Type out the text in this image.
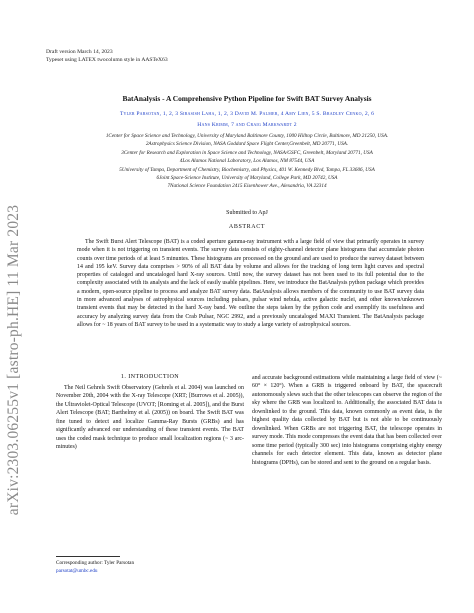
arXiv:2303.06255v1 [astro-ph.HE] 11 Mar 2023
Draft version March 14, 2023
Typeset using LATEX twocolumn style in AASTeX63
BatAnalysis - A Comprehensive Python Pipeline for Swift BAT Survey Analysis
Tyler Parsotan, 1, 2, 3 Sibasish Laha, 1, 2, 3 David M. Palmer, 4 Amy Lien, 5 S. Bradley Cenko, 2, 6
Hans Krimm, 7 and Craig Markwardt 2
1Center for Space Science and Technology, University of Maryland Baltimore County, 1000 Hilltop Circle, Baltimore, MD 21250, USA.
2Astrophysics Science Division, NASA Goddard Space Flight Center,Greenbelt, MD 20771, USA.
3Center for Research and Exploration in Space Science and Technology, NASA/GSFC, Greenbelt, Maryland 20771, USA
4Los Alamos National Laboratory, Los Alamos, NM 87544, USA
5University of Tampa, Department of Chemistry, Biochemistry, and Physics, 401 W. Kennedy Blvd, Tampa, FL 33606, USA
6Joint Space-Science Institute, University of Maryland, College Park, MD 20742, USA
7National Science Foundation 2415 Eisenhower Ave., Alexandria, VA 22314
Submitted to ApJ
ABSTRACT
The Swift Burst Alert Telescope (BAT) is a coded aperture gamma-ray instrument with a large field of view that primarily operates in survey mode when it is not triggering on transient events. The survey data consists of eighty-channel detector plane histograms that accumulate photon counts over time periods of at least 5 minuntes. These histograms are processed on the ground and are used to produce the survey dataset between 14 and 195 keV. Survey data comprises > 90% of all BAT data by volume and allows for the tracking of long term light curves and spectral properties of cataloged and uncataloged hard X-ray sources. Until now, the survey dataset has not been used to its full potential due to the complexity associated with its analysis and the lack of easily usable pipelines. Here, we introduce the BatAnalysis python package which provides a modern, open-source pipeline to process and analyze BAT survey data. BatAnalysis allows members of the community to use BAT survey data in more advanced analyses of astrophysical sources including pulsars, pulsar wind nebula, active galactic nuclei, and other known/unknown transient events that may be detected in the hard X-ray band. We outline the steps taken by the python code and exemplify its usefulness and accuracy by analyzing survey data from the Crab Pulsar, NGC 2992, and a previously uncataloged MAXI Transient. The BatAnalysis package allows for ~ 18 years of BAT survey to be used in a systematic way to study a large variety of astrophysical sources.
1. INTRODUCTION
The Neil Gehrels Swift Observatory (Gehrels et al. 2004) was launched on November 20th, 2004 with the X-ray Telescope (XRT; [Burrows et al. 2005)), the Ultraviolet-Optical Telescope (UVOT; [Roming et al. 2005]), and the Burst Alert Telescope (BAT; Barthelmy et al. (2005)) on board. The Swift BAT was fine tuned to detect and localize Gamma-Ray Bursts (GRBs) and has significantly advanced our understanding of these transient events. The BAT uses the coded mask technique to produce small localization regions (~ 3 arc-minutes)
and accurate background estimations while maintaining a large field of view (~ 60° × 120°). When a GRB is triggered onboard by BAT, the spacecraft autonomously slews such that the other telescopes can observe the region of the sky where the GRB was localized to. Additionally, the associated BAT data is downlinked to the ground. This data, known commonly as event data, is the highest quality data collected by BAT but is not able to be continuously downlinked. When GRBs are not triggering BAT, the telescope operates in survey mode. This mode compresses the event data that has been collected over some time period (typically 300 sec) into histograms comprising eighty energy channels for each detector element. This data, known as detector plane histograms (DPHs), can be stored and sent to the ground on a regular basis.
Corresponding author: Tyler Parsotan
parsotat@umbc.edu
